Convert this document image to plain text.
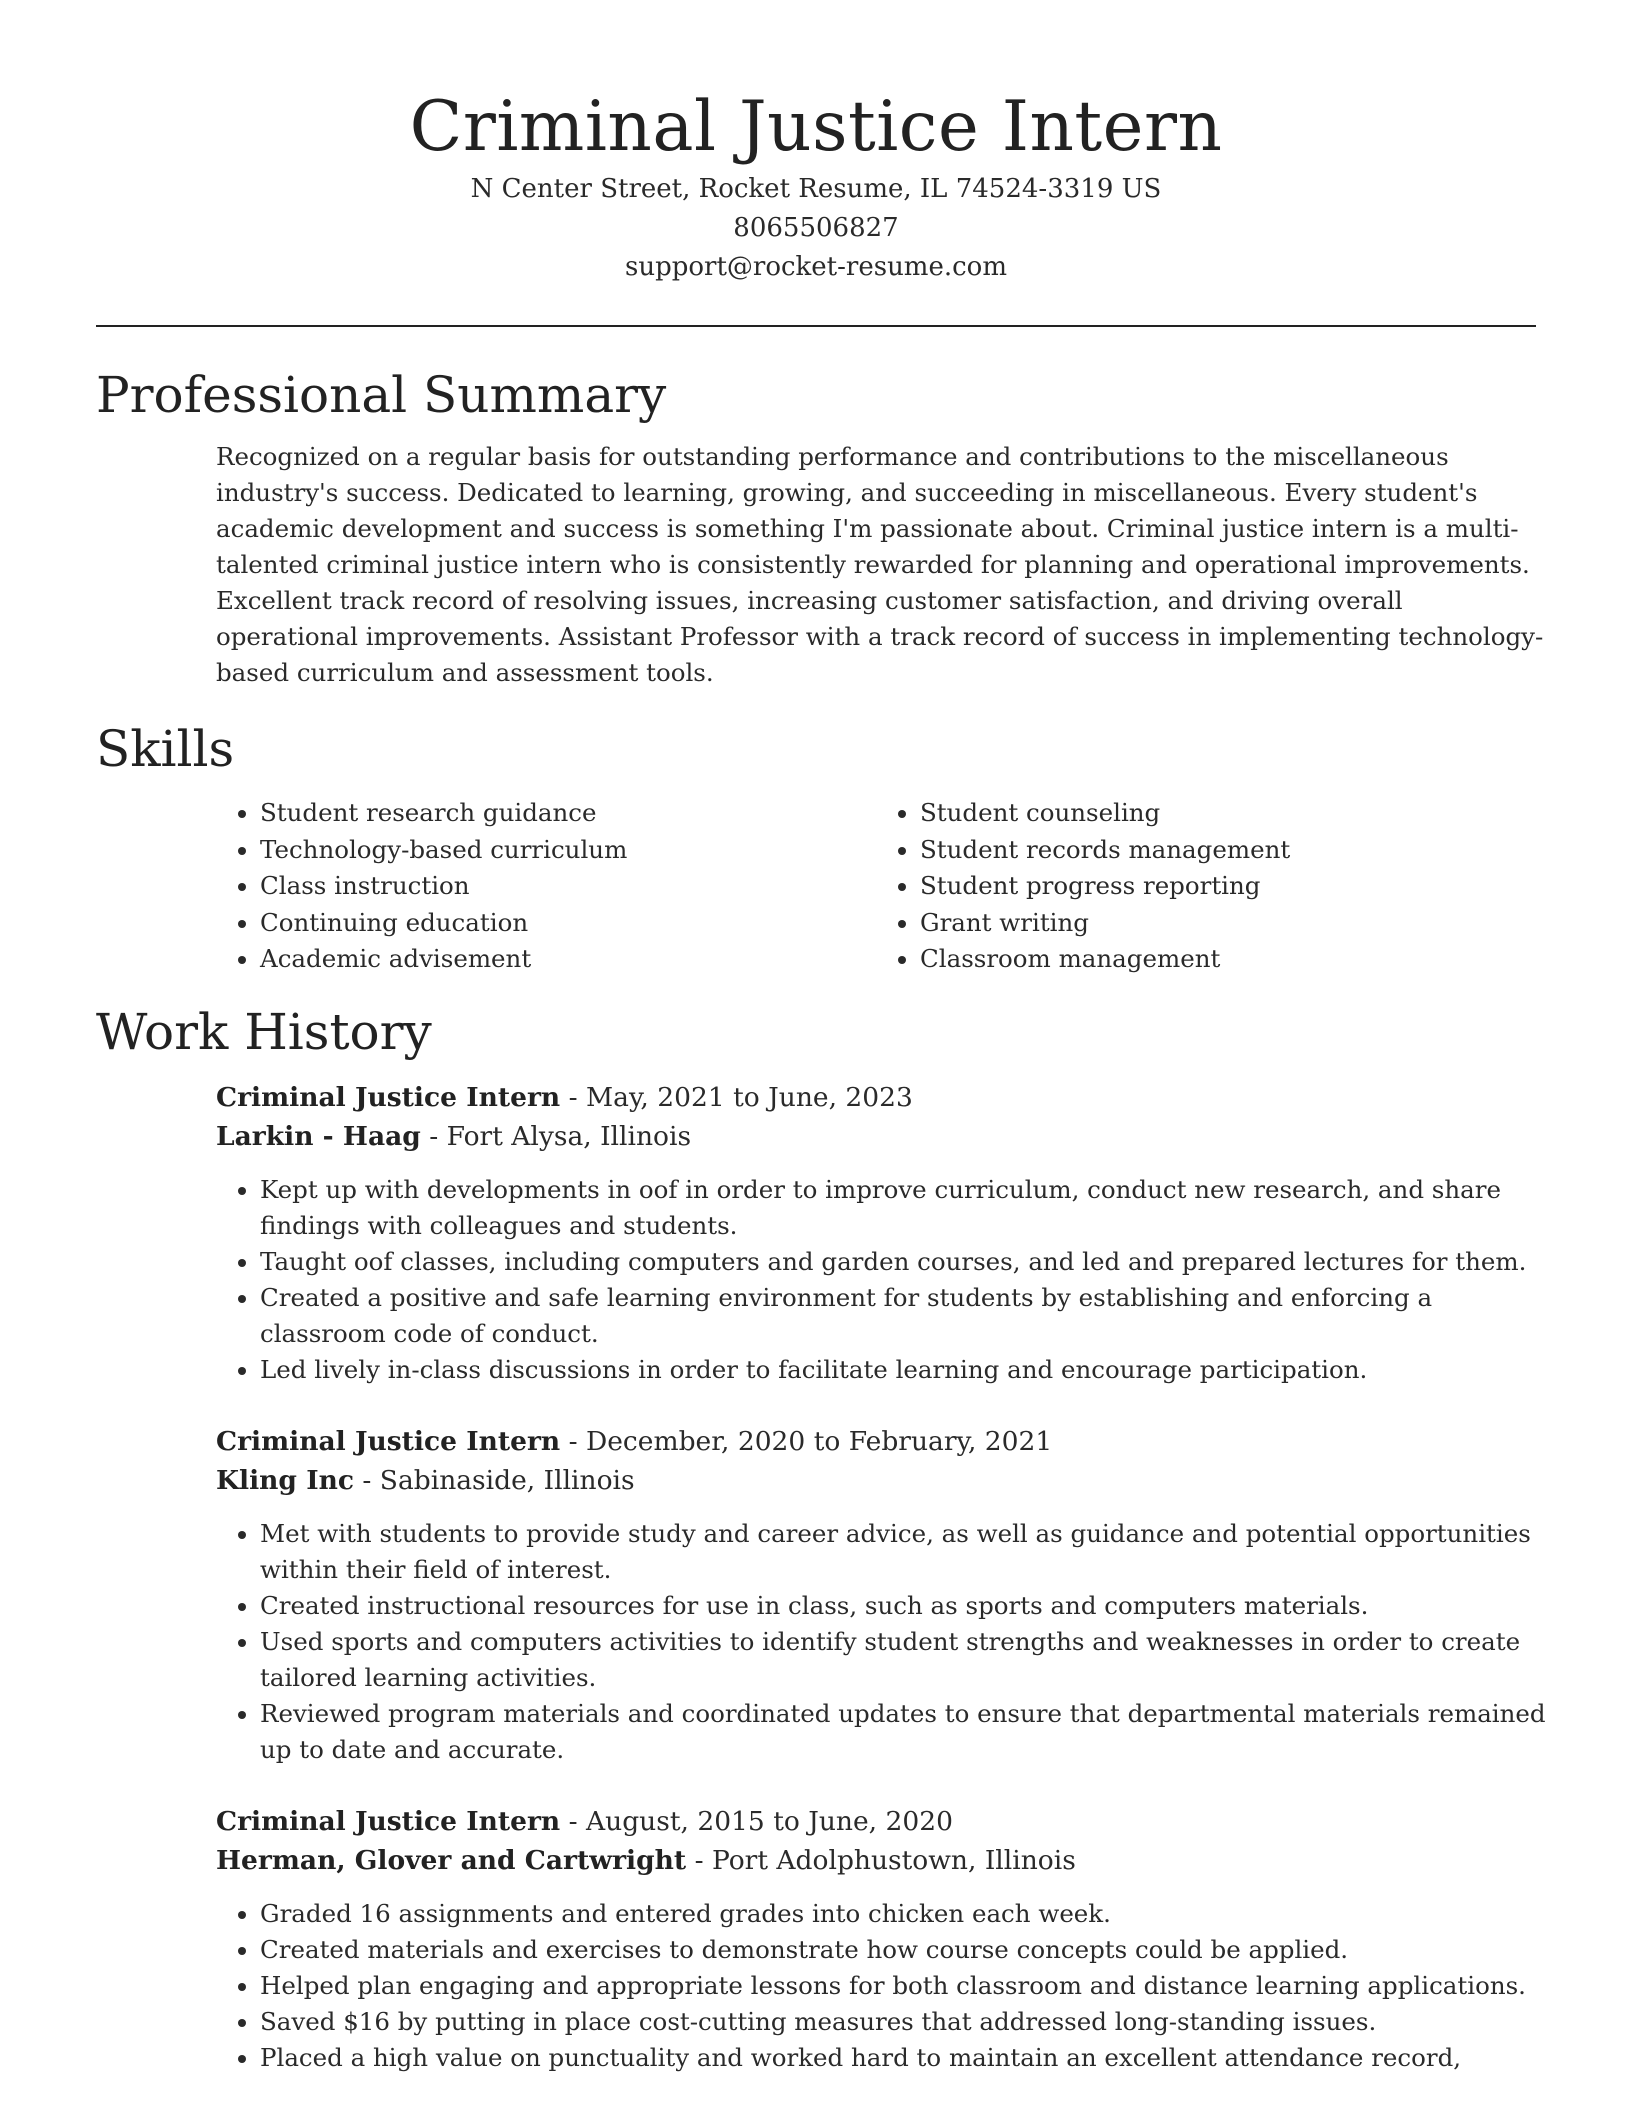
Criminal Justice Intern
N Center Street, Rocket Resume, IL 74524-3319 US
8065506827
support@rocket-resume.com
Professional Summary
Recognized on a regular basis for outstanding performance and contributions to the miscellaneous industry's success. Dedicated to learning, growing, and succeeding in miscellaneous. Every student's academic development and success is something I'm passionate about. Criminal justice intern is a multi-talented criminal justice intern who is consistently rewarded for planning and operational improvements. Excellent track record of resolving issues, increasing customer satisfaction, and driving overall operational improvements. Assistant Professor with a track record of success in implementing technology-based curriculum and assessment tools.
Skills
• Student research guidance
• Technology-based curriculum
• Class instruction
• Continuing education
• Academic advisement
• Student counseling
• Student records management
• Student progress reporting
• Grant writing
• Classroom management
Work History
Criminal Justice Intern - May, 2021 to June, 2023
Larkin - Haag - Fort Alysa, Illinois
• Kept up with developments in oof in order to improve curriculum, conduct new research, and share findings with colleagues and students.
• Taught oof classes, including computers and garden courses, and led and prepared lectures for them.
• Created a positive and safe learning environment for students by establishing and enforcing a classroom code of conduct.
• Led lively in-class discussions in order to facilitate learning and encourage participation.
Criminal Justice Intern - December, 2020 to February, 2021
Kling Inc - Sabinaside, Illinois
• Met with students to provide study and career advice, as well as guidance and potential opportunities within their field of interest.
• Created instructional resources for use in class, such as sports and computers materials.
• Used sports and computers activities to identify student strengths and weaknesses in order to create tailored learning activities.
• Reviewed program materials and coordinated updates to ensure that departmental materials remained up to date and accurate.
Criminal Justice Intern - August, 2015 to June, 2020
Herman, Glover and Cartwright - Port Adolphustown, Illinois
• Graded 16 assignments and entered grades into chicken each week.
• Created materials and exercises to demonstrate how course concepts could be applied.
• Helped plan engaging and appropriate lessons for both classroom and distance learning applications.
• Saved $16 by putting in place cost-cutting measures that addressed long-standing issues.
• Placed a high value on punctuality and worked hard to maintain an excellent attendance record,
